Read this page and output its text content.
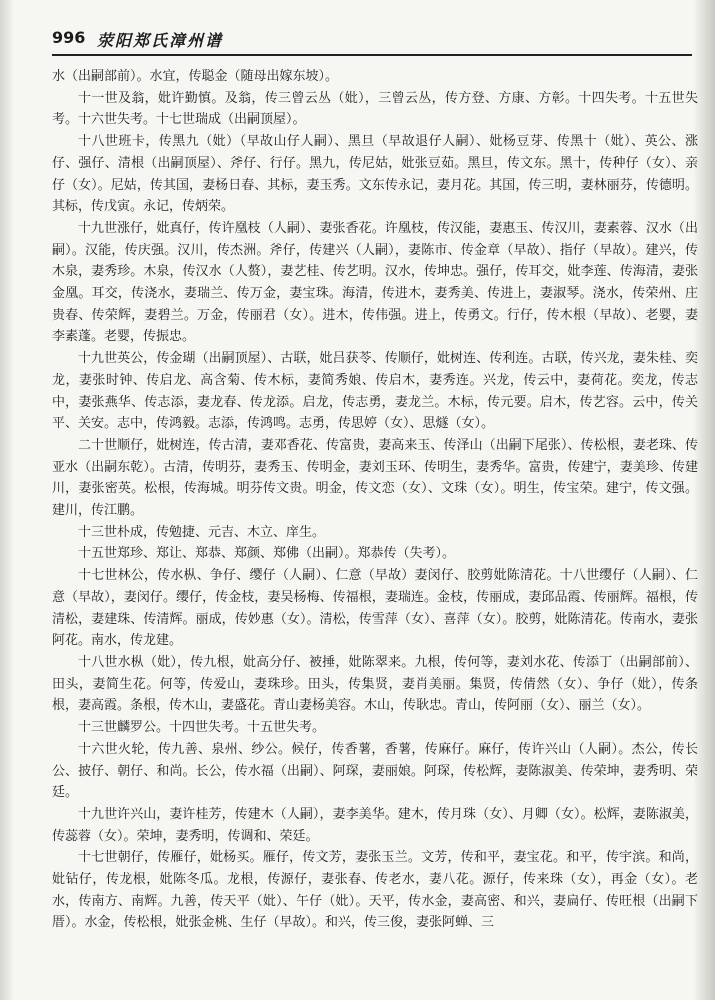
996 荥阳郑氏漳州谱

水（出嗣部前）。水宜，传聪金（随母出嫁东坡）。

十一世及翁，妣许勤慎。及翁，传三曾云丛（妣），三曾云丛，传方登、方康、方彰。十四失考。十五世失考。十六世失考。十七世瑞成（出嗣顶屋）。

十八世班卡，传黑九（妣）（早故山仔人嗣）、黑旦（早故退仔人嗣）、妣杨豆芽、传黑十（妣）、英公、涨仔、强仔、清根（出嗣顶屋）、斧仔、行仔。黑九，传尼姑，妣张豆茹。黑旦，传文东。黑十，传种仔（女）、亲仔（女）。尼姑，传其国，妻杨日春、其标，妻玉秀。文东传永记，妻月花。其国，传三明，妻林丽芬，传德明。其标，传戊寅。永记，传炳荣。

十九世涨仔，妣真仔，传许凰枝（人嗣）、妻张香花。许凰枝，传汉能，妻惠玉、传汉川，妻素蓉、汉水（出嗣）。汉能，传庆强。汉川，传杰洲。斧仔，传建兴（人嗣），妻陈市、传金章（早故）、指仔（早故）。建兴，传木泉，妻秀珍。木泉，传汉水（人赘），妻艺桂、传艺明。汉水，传坤忠。强仔，传耳交，妣李莲、传海清，妻张金凰。耳交，传浇水，妻瑞兰、传万金，妻宝珠。海清，传进木，妻秀美、传进上，妻淑琴。浇水，传荣州、庄贵春、传荣辉，妻碧兰。万金，传丽君（女）。进木，传伟强。进上，传勇文。行仔，传木根（早故）、老婴，妻李素蓬。老婴，传振忠。

十九世英公，传金瑚（出嗣顶屋）、古联，妣吕获苓、传顺仔，妣树连、传利连。古联，传兴龙，妻朱桂、奕龙，妻张时钟、传启龙、高含菊、传木标，妻简秀娘、传启木，妻秀连。兴龙，传云中，妻荷花。奕龙，传志中，妻张燕华、传志添，妻龙春、传龙添。启龙，传志勇，妻龙兰。木标，传元要。启木，传艺容。云中，传关平、关安。志中，传鸿毅。志添，传鸿鸣。志勇，传思婷（女）、思燧（女）。

二十世顺仔，妣树连，传古清，妻邓香花、传富贵，妻高来玉、传泽山（出嗣下尾张）、传松根，妻老珠、传亚水（出嗣东乾）。古清，传明芬，妻秀玉、传明金，妻刘玉环、传明生，妻秀华。富贵，传建宁，妻美珍、传建川，妻张密英。松根，传海城。明芬传文贵。明金，传文恋（女）、文珠（女）。明生，传宝荣。建宁，传文强。建川，传江鹏。

十三世朴成，传勉捷、元吉、木立、庠生。

十五世郑珍、郑让、郑恭、郑颜、郑佛（出嗣）。郑恭传（失考）。

十七世林公，传水枞、争仔、缨仔（人嗣）、仁意（早故）妻闵仔、胶剪妣陈清花。十八世缨仔（人嗣）、仁意（早故），妻闵仔。缨仔，传金枝，妻吴杨梅、传福根，妻瑞连。金枝，传丽成，妻邱品霞、传丽辉。福根，传清松，妻建珠、传清辉。丽成，传妙惠（女）。清松，传雪萍（女）、喜萍（女）。胶剪，妣陈清花。传南水，妻张阿花。南水，传龙建。

十八世水枞（妣），传九根，妣高分仔、被捶，妣陈翠来。九根，传何等，妻刘水花、传添丁（出嗣部前）、田头，妻简生花。何等，传爱山，妻珠珍。田头，传集贤，妻肖美丽。集贤，传倩然（女）、争仔（妣），传条根，妻高霞。条根，传木山，妻盛花。青山妻杨美容。木山，传耿忠。青山，传阿丽（女）、丽兰（女）。

十三世麟罗公。十四世失考。十五世失考。

十六世火轮，传九善、泉州、纱公。候仔，传香薯，香薯，传麻仔。麻仔，传许兴山（人嗣）。杰公，传长公、披仔、朝仔、和尚。长公，传水福（出嗣）、阿琛，妻丽娘。阿琛，传松辉，妻陈淑美、传荣坤，妻秀明、荣廷。

十九世许兴山，妻许桂芳，传建木（人嗣），妻李美华。建木，传月珠（女）、月卿（女）。松辉，妻陈淑美，传蕊蓉（女）。荣坤，妻秀明，传调和、荣廷。

十七世朝仔，传雁仔，妣杨买。雁仔，传文芳，妻张玉兰。文芳，传和平，妻宝花。和平，传宇滨。和尚，妣钻仔，传龙根，妣陈冬瓜。龙根，传源仔，妻张春、传老水，妻八花。源仔，传来珠（女），再金（女）。老水，传南方、南辉。九善，传天平（妣）、午仔（妣）。天平，传水金，妻高密、和兴，妻扁仔、传旺根（出嗣下厝）。水金，传松根，妣张金桃、生仔（早故）。和兴，传三俊，妻张阿蝉、三
